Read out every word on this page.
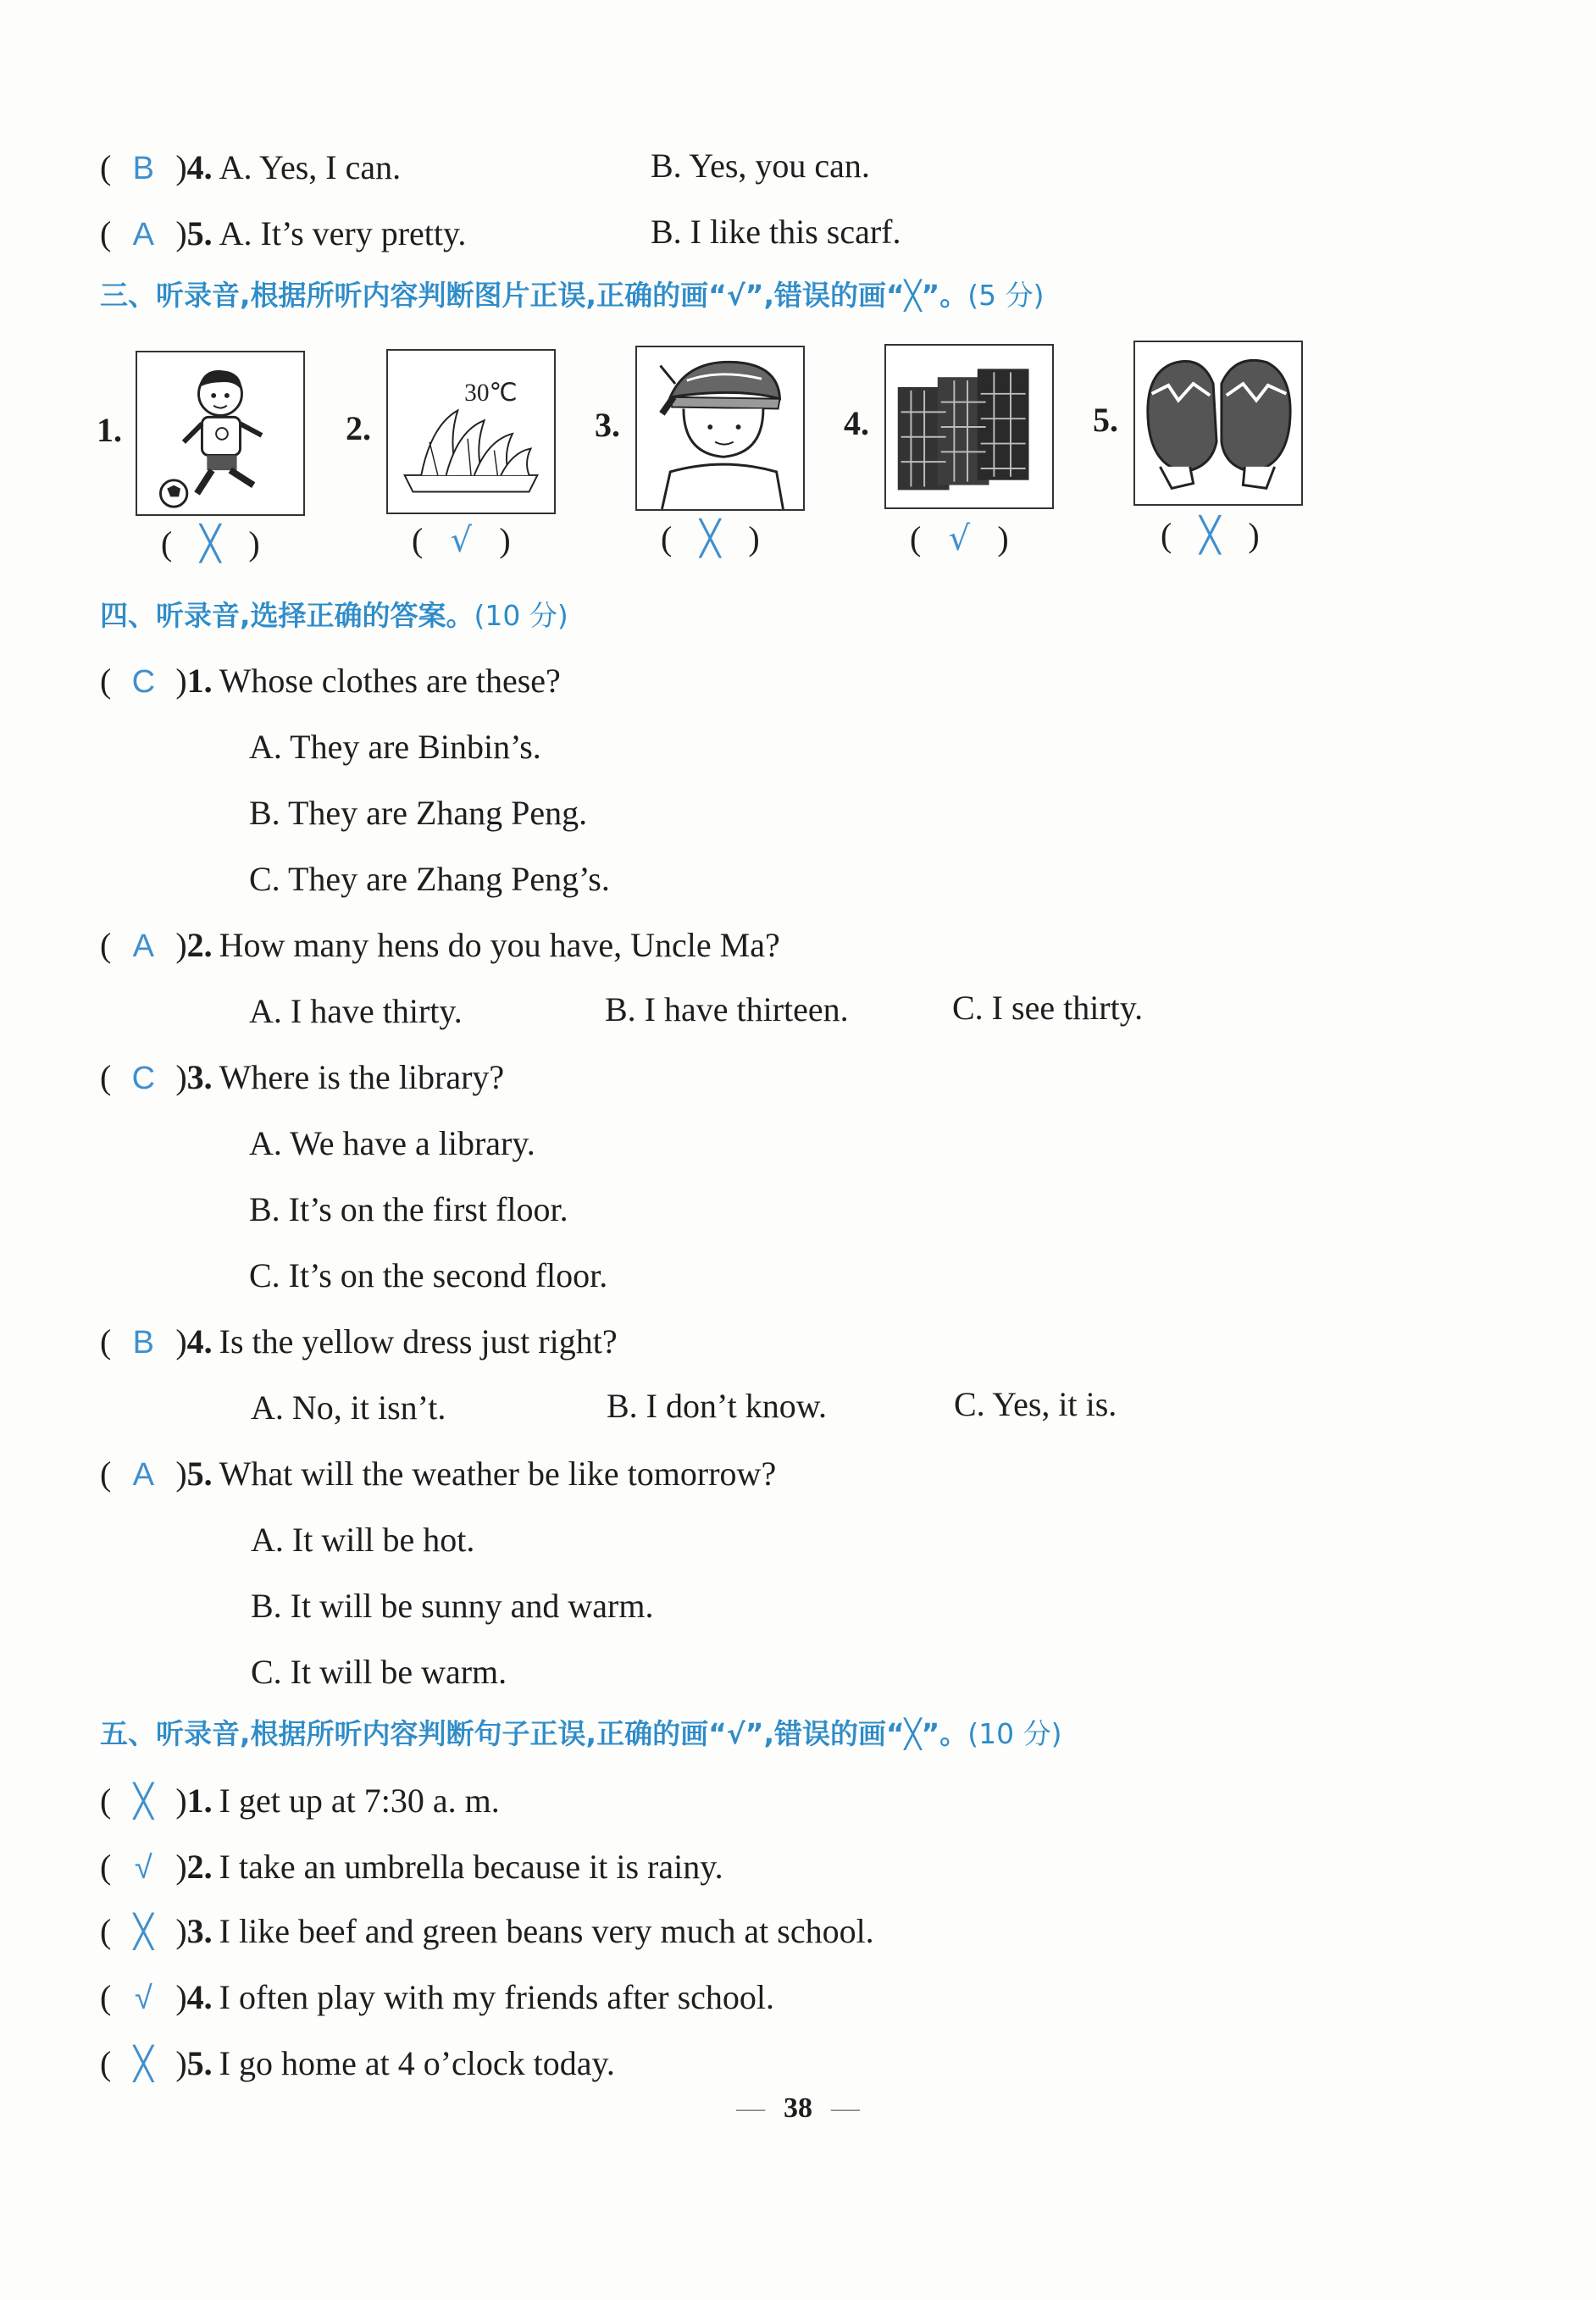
( B )4. A. Yes, I can.	B. Yes, you can.
( A )5. A. It’s very pretty.	B. I like this scarf.
三、听录音,根据所听内容判断图片正误,正确的画“√”,错误的画“╳”。(5 分)
1.
( ╳ )
2.
30℃
( √ )
3.
( ╳ )
4.
( √ )
5.
( ╳ )
四、听录音,选择正确的答案。(10 分)
( C )1. Whose clothes are these?
A. They are Binbin’s.
B. They are Zhang Peng.
C. They are Zhang Peng’s.
( A )2. How many hens do you have, Uncle Ma?
A. I have thirty.	B. I have thirteen.	C. I see thirty.
( C )3. Where is the library?
A. We have a library.
B. It’s on the first floor.
C. It’s on the second floor.
( B )4. Is the yellow dress just right?
A. No, it isn’t.	B. I don’t know.	C. Yes, it is.
( A )5. What will the weather be like tomorrow?
A. It will be hot.
B. It will be sunny and warm.
C. It will be warm.
五、听录音,根据所听内容判断句子正误,正确的画“√”,错误的画“╳”。(10 分)
( ╳ )1. I get up at 7:30 a. m.
( √ )2. I take an umbrella because it is rainy.
( ╳ )3. I like beef and green beans very much at school.
( √ )4. I often play with my friends after school.
( ╳ )5. I go home at 4 o’clock today.
— 38 —
